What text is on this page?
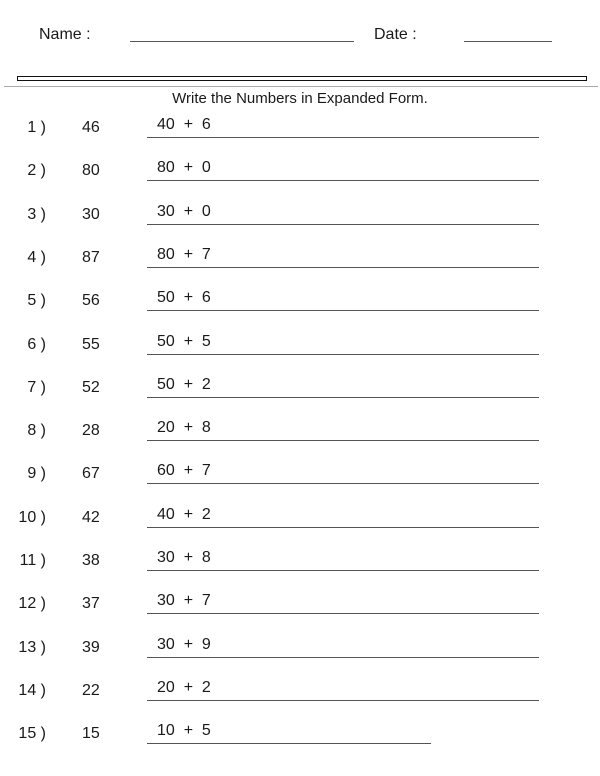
Name :	Date :
Write the Numbers in Expanded Form.
1 ) 46	40  +  6
2 ) 80	80  +  0
3 ) 30	30  +  0
4 ) 87	80  +  7
5 ) 56	50  +  6
6 ) 55	50  +  5
7 ) 52	50  +  2
8 ) 28	20  +  8
9 ) 67	60  +  7
10 ) 42	40  +  2
11 ) 38	30  +  8
12 ) 37	30  +  7
13 ) 39	30  +  9
14 ) 22	20  +  2
15 ) 15	10  +  5
